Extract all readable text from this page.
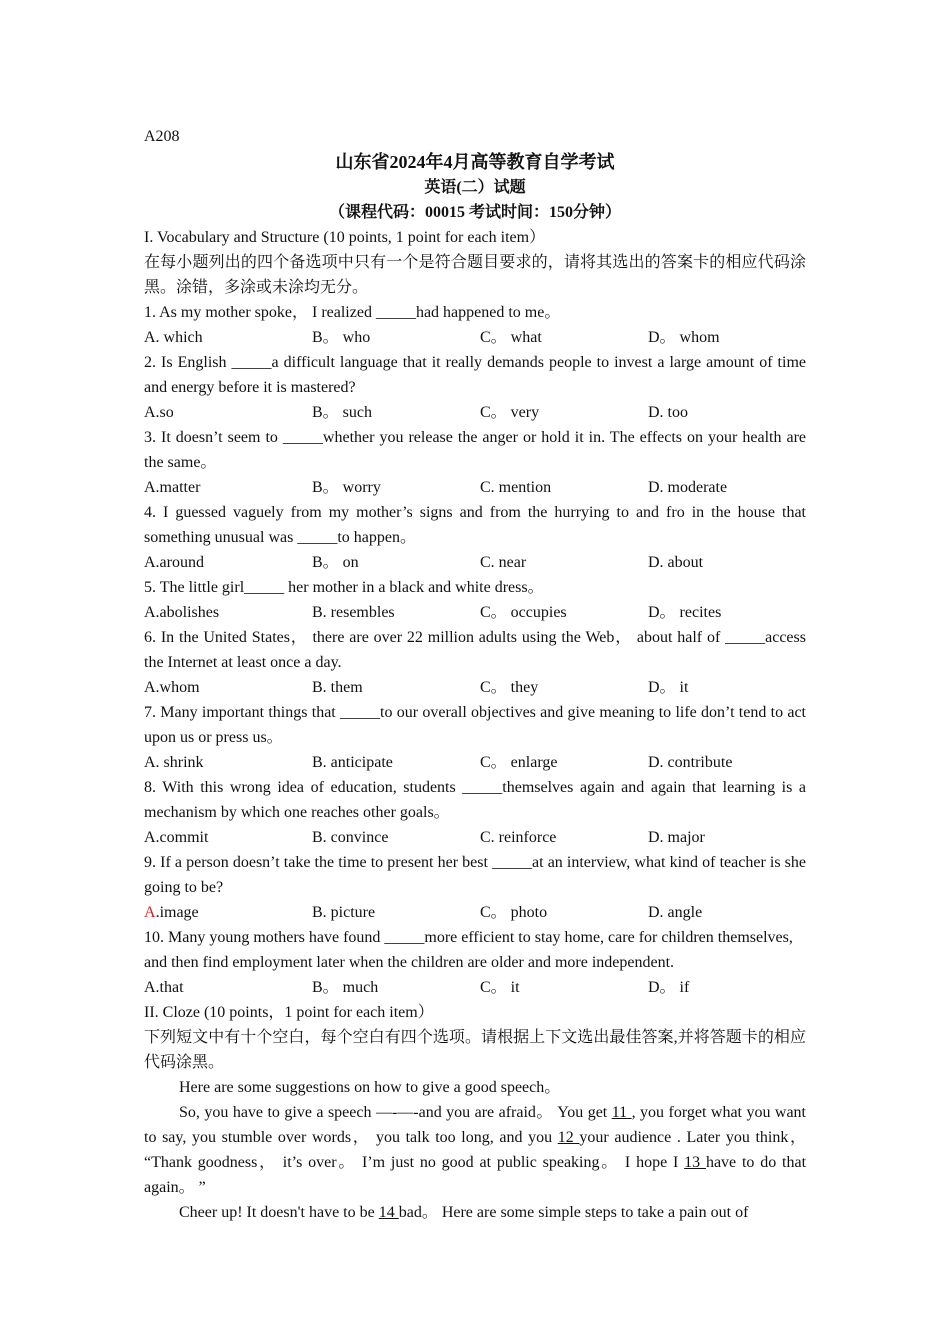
A208
山东省2024年4月高等教育自学考试
英语(二）试题
（课程代码：00015 考试时间：150分钟）
I. Vocabulary and Structure (10 points, 1 point for each item）
在每小题列出的四个备选项中只有一个是符合题目要求的，请将其选出的答案卡的相应代码涂黑。涂错，多涂或未涂均无分。
1. As my mother spoke， I realized _____had happened to me。
A. which	B。 who	C。 what	D。 whom
2. Is English _____a difficult language that it really demands people to invest a large amount of time and energy before it is mastered?
A.so	B。 such	C。 very	D. too
3. It doesn’t seem to _____whether you release the anger or hold it in. The effects on your health are the same。
A.matter	B。 worry	C. mention	D. moderate
4. I guessed vaguely from my mother’s signs and from the hurrying to and fro in the house that something unusual was _____to happen。
A.around	B。 on	C. near	D. about
5. The little girl_____ her mother in a black and white dress。
A.abolishes	B. resembles	C。 occupies	D。 recites
6. In the United States， there are over 22 million adults using the Web， about half of _____access the Internet at least once a day.
A.whom	B. them	C。 they	D。 it
7. Many important things that _____to our overall objectives and give meaning to life don’t tend to act upon us or press us。
A. shrink	B. anticipate	C。 enlarge	D. contribute
8. With this wrong idea of education, students _____themselves again and again that learning is a mechanism by which one reaches other goals。
A.commit	B. convince	C. reinforce	D. major
9. If a person doesn’t take the time to present her best _____at an interview, what kind of teacher is she going to be?
A.image	B. picture	C。 photo	D. angle
10. Many young mothers have found _____more efficient to stay home, care for children themselves, and then find employment later when the children are older and more independent.
A.that	B。 much	C。 it	D。 if
II. Cloze (10 points，1 point for each item）
下列短文中有十个空白，每个空白有四个选项。请根据上下文选出最佳答案,并将答题卡的相应代码涂黑。
Here are some suggestions on how to give a good speech。
So, you have to give a speech —-—-and you are afraid。 You get 11 , you forget what you want to say, you stumble over words， you talk too long, and you 12 your audience . Later you think， “Thank goodness， it’s over。 I’m just no good at public speaking。 I hope I 13 have to do that again。 ”
Cheer up! It doesn't have to be 14 bad。 Here are some simple steps to take a pain out of
